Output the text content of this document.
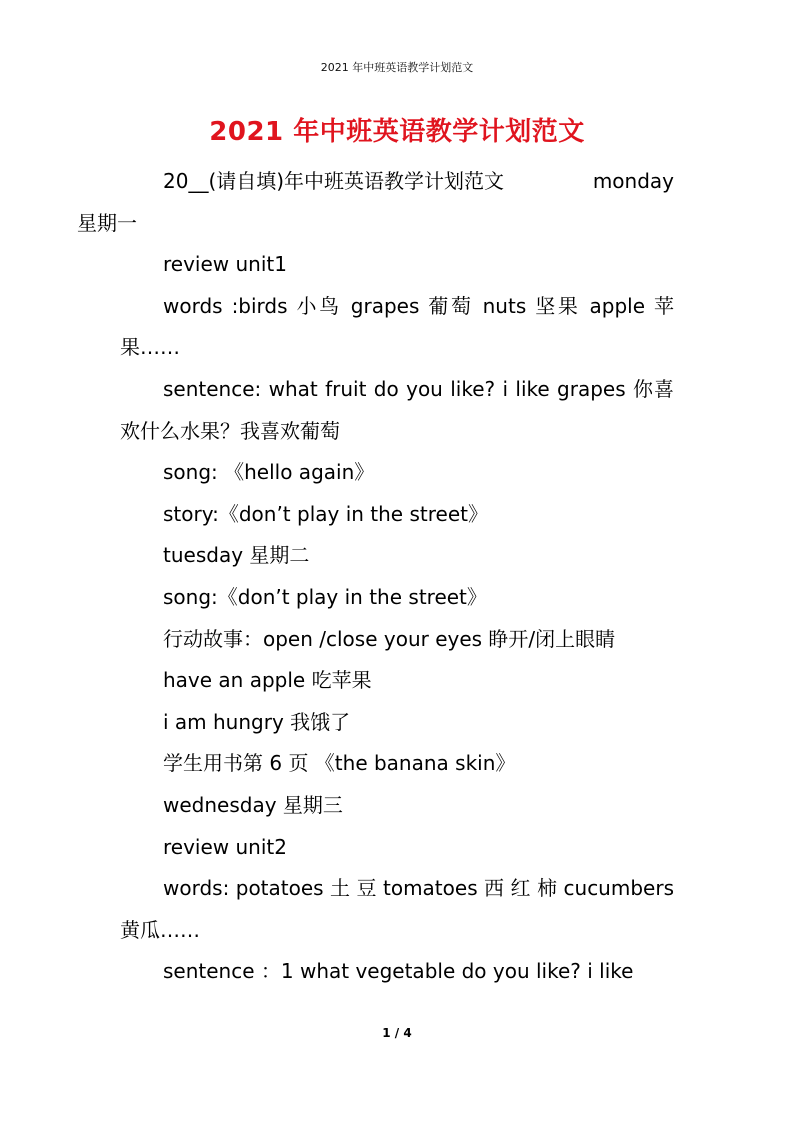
2021 年中班英语教学计划范文
2021 年中班英语教学计划范文

20__(请自填)年中班英语教学计划范文	monday

星期一

review unit1

words :birds 小鸟 grapes 葡萄 nuts 坚果 apple 苹果……

sentence: what fruit do you like? i like grapes 你喜欢什么水果？我喜欢葡萄

song: 《hello again》

story:《don’t play in the street》

tuesday 星期二

song:《don’t play in the street》

行动故事：open /close your eyes 睁开/闭上眼睛

have an apple 吃苹果

i am hungry 我饿了

学生用书第 6 页 《the banana skin》

wednesday 星期三

review unit2

words: potatoes 土 豆 tomatoes 西 红 柿 cucumbers 黄瓜……

sentence ：1 what vegetable do you like? i like

1 / 4
